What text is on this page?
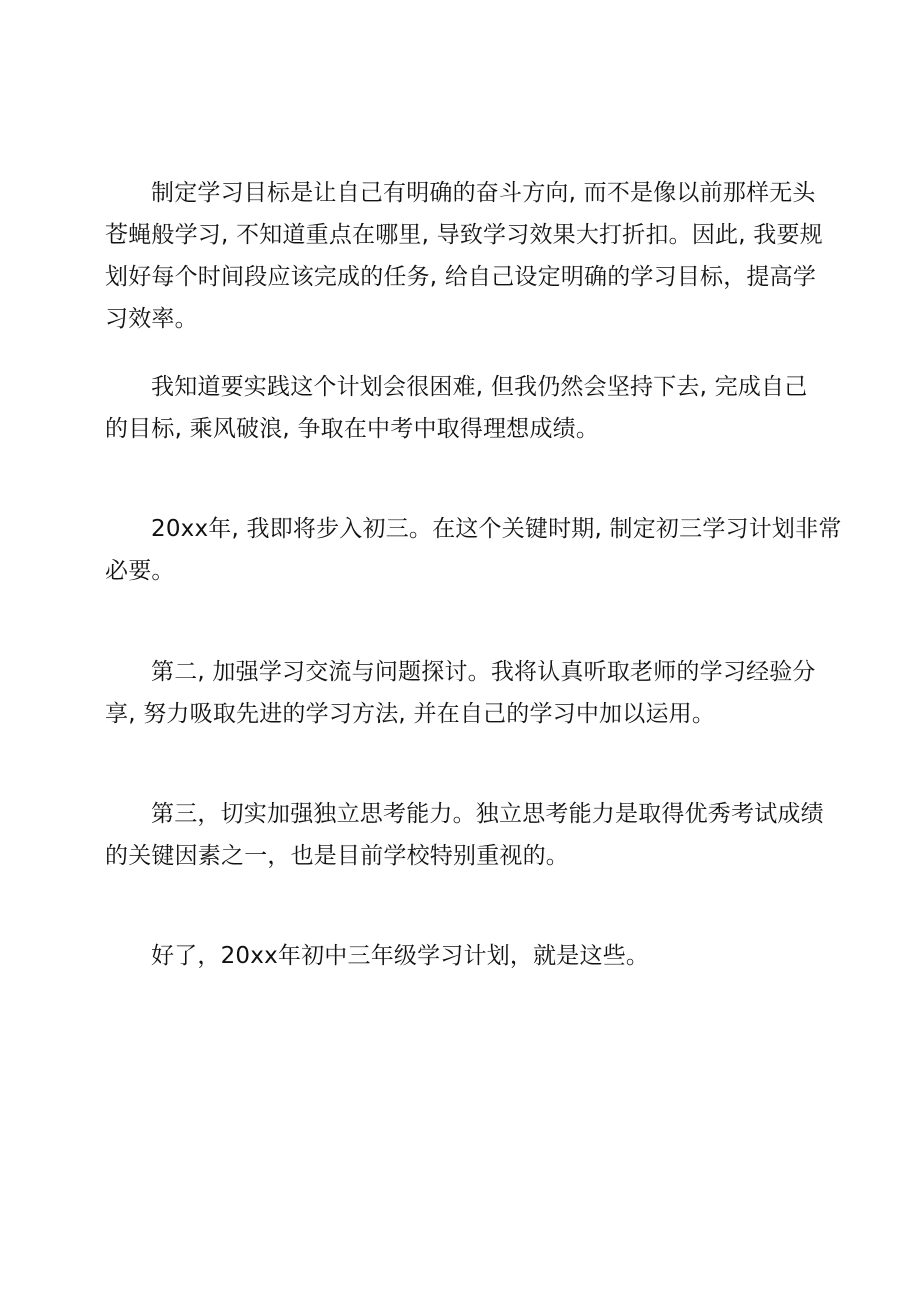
制定学习目标是让自己有明确的奋斗方向, 而不是像以前那样无头
苍蝇般学习, 不知道重点在哪里, 导致学习效果大打折扣。因此, 我要规
划好每个时间段应该完成的任务, 给自己设定明确的学习目标，提高学
习效率。
我知道要实践这个计划会很困难, 但我仍然会坚持下去, 完成自己
的目标, 乘风破浪, 争取在中考中取得理想成绩。
20xx年, 我即将步入初三。在这个关键时期, 制定初三学习计划非常
必要。
第二, 加强学习交流与问题探讨。我将认真听取老师的学习经验分
享, 努力吸取先进的学习方法, 并在自己的学习中加以运用。
第三，切实加强独立思考能力。独立思考能力是取得优秀考试成绩
的关键因素之一，也是目前学校特别重视的。
好了，20xx年初中三年级学习计划，就是这些。
